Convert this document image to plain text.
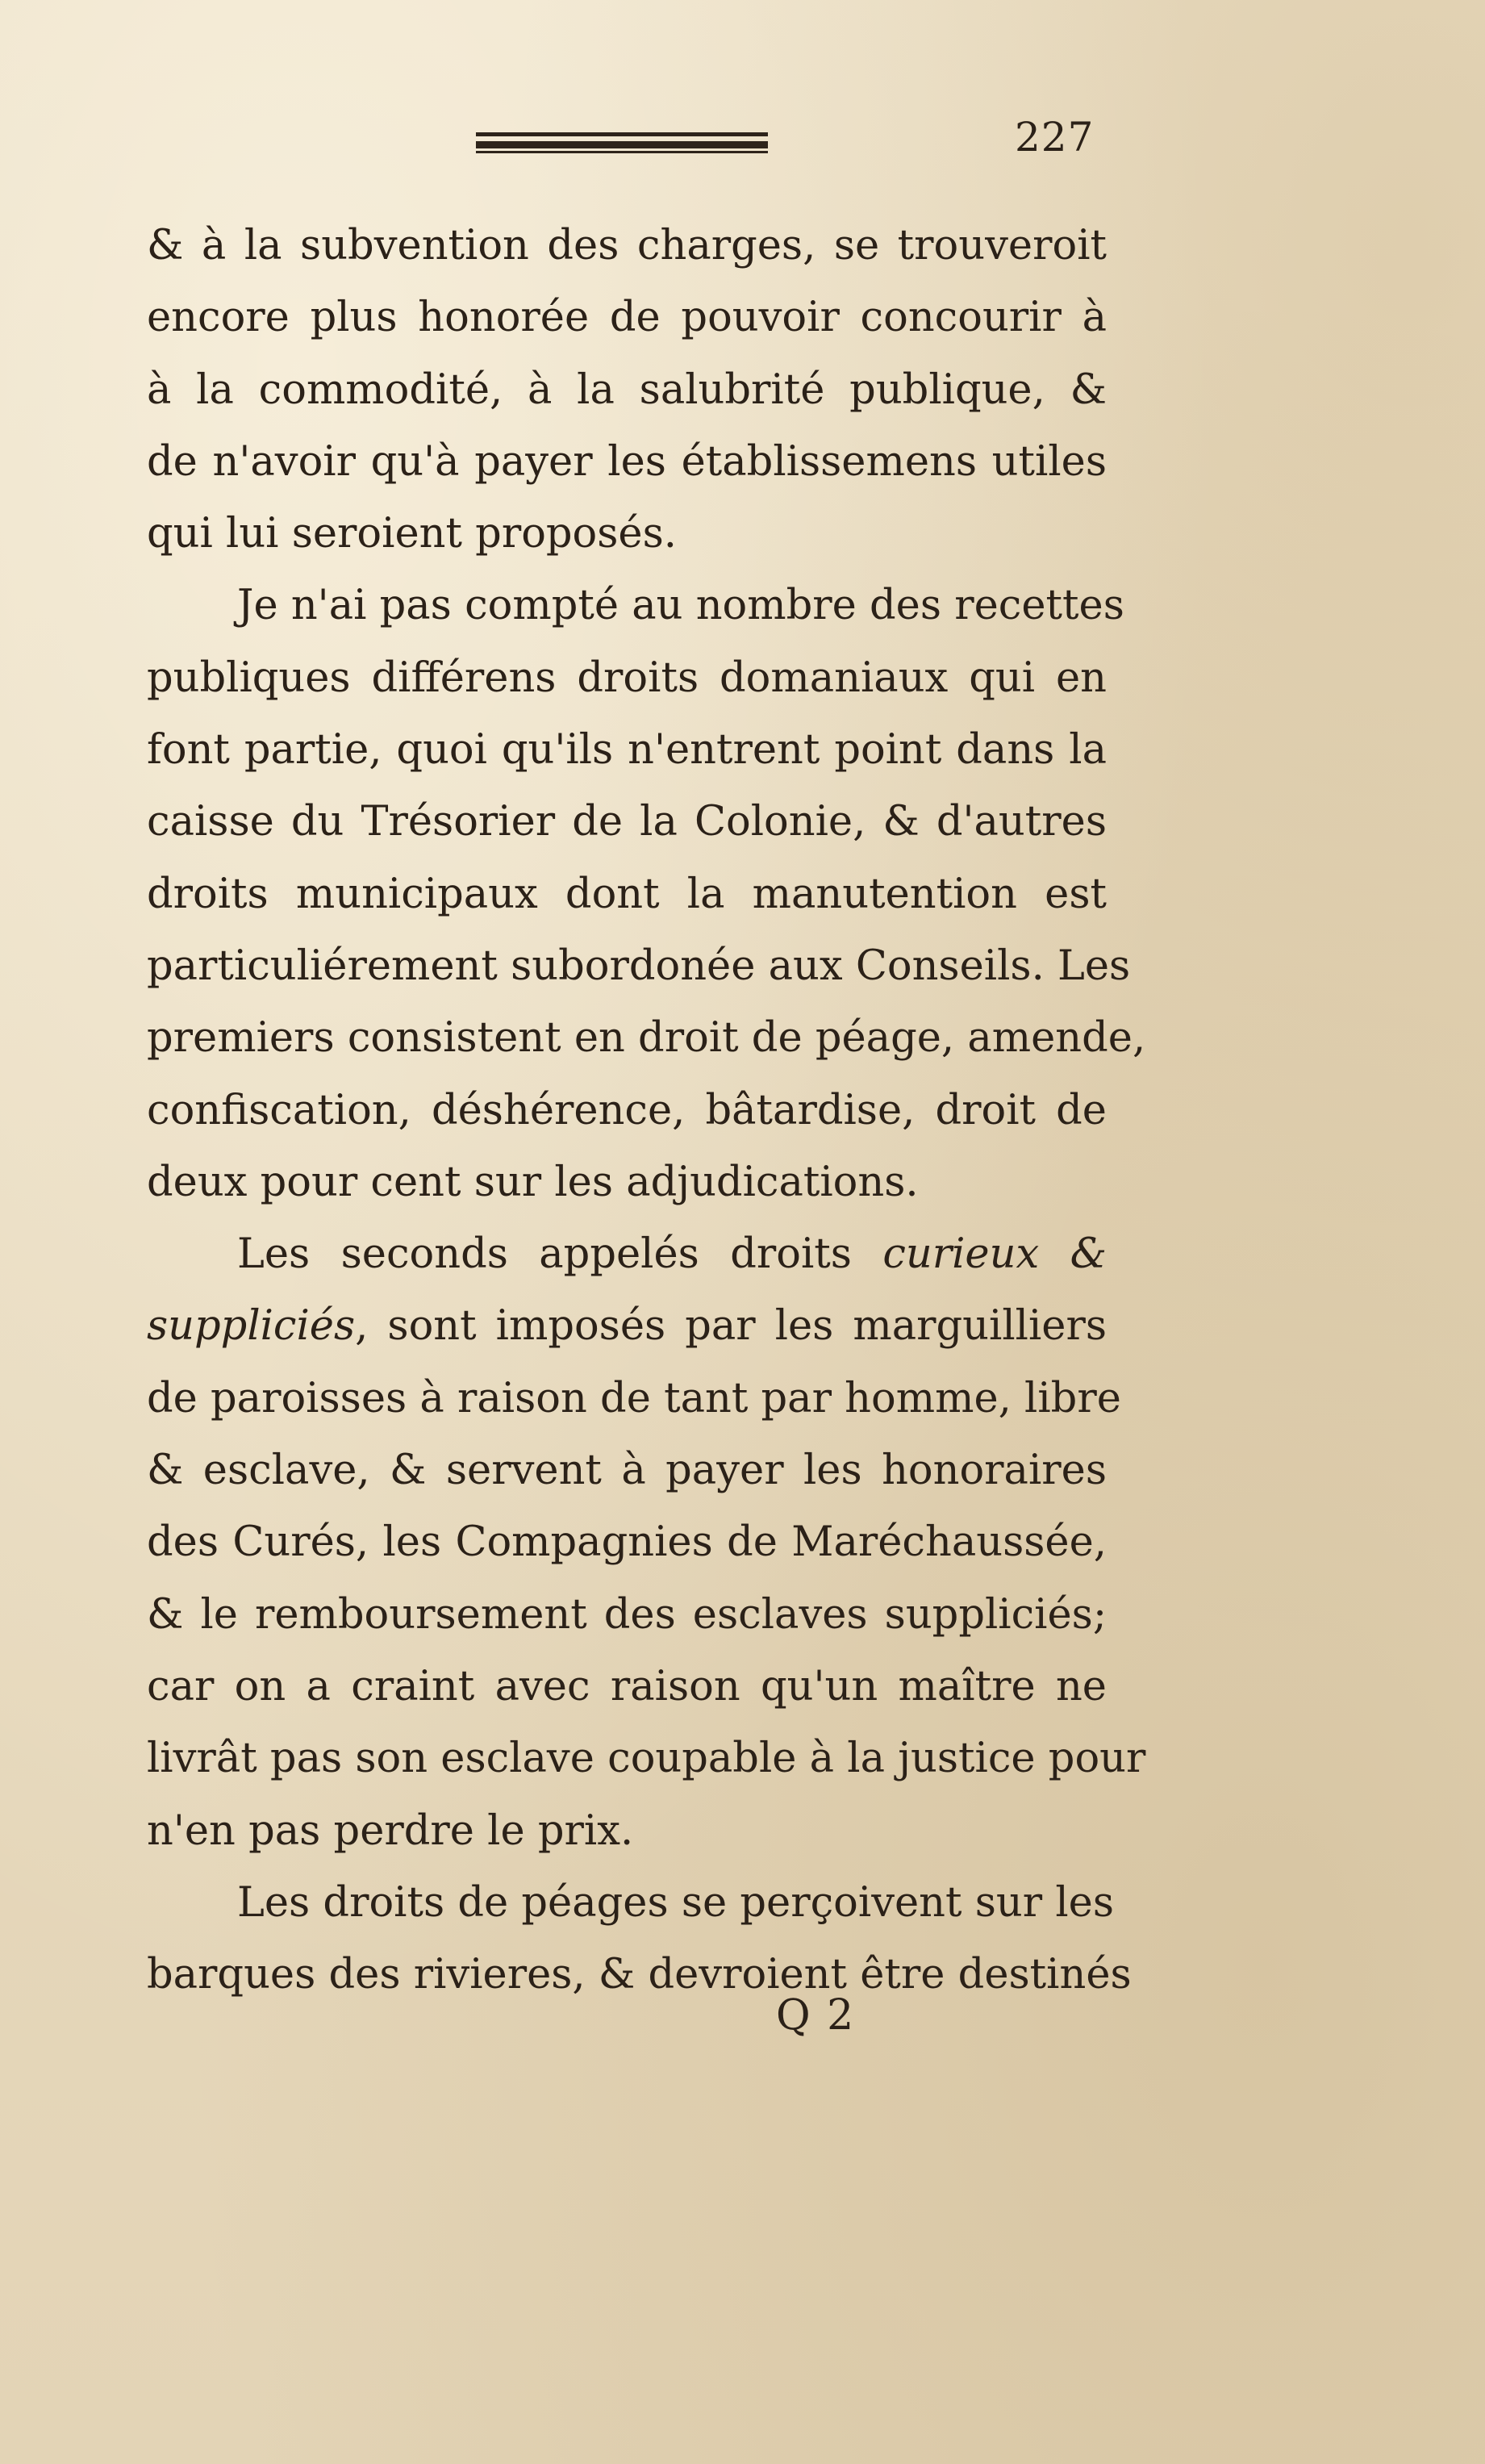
227
& à la subvention des charges, se trouveroit
encore plus honorée de pouvoir concourir à
à la commodité, à la salubrité publique, &
de n'avoir qu'à payer les établissemens utiles
qui lui seroient proposés.
Je n'ai pas compté au nombre des recettes
publiques différens droits domaniaux qui en
font partie, quoi qu'ils n'entrent point dans la
caisse du Trésorier de la Colonie, & d'autres
droits municipaux dont la manutention est
particuliérement subordonée aux Conseils. Les
premiers consistent en droit de péage, amende,
confiscation, déshérence, bâtardise, droit de
deux pour cent sur les adjudications.
Les seconds appelés droits curieux &
suppliciés, sont imposés par les marguilliers
de paroisses à raison de tant par homme, libre
& esclave, & servent à payer les honoraires
des Curés, les Compagnies de Maréchaussée,
& le remboursement des esclaves suppliciés;
car on a craint avec raison qu'un maître ne
livrât pas son esclave coupable à la justice pour
n'en pas perdre le prix.
Les droits de péages se perçoivent sur les
barques des rivieres, & devroient être destinés
Q 2
